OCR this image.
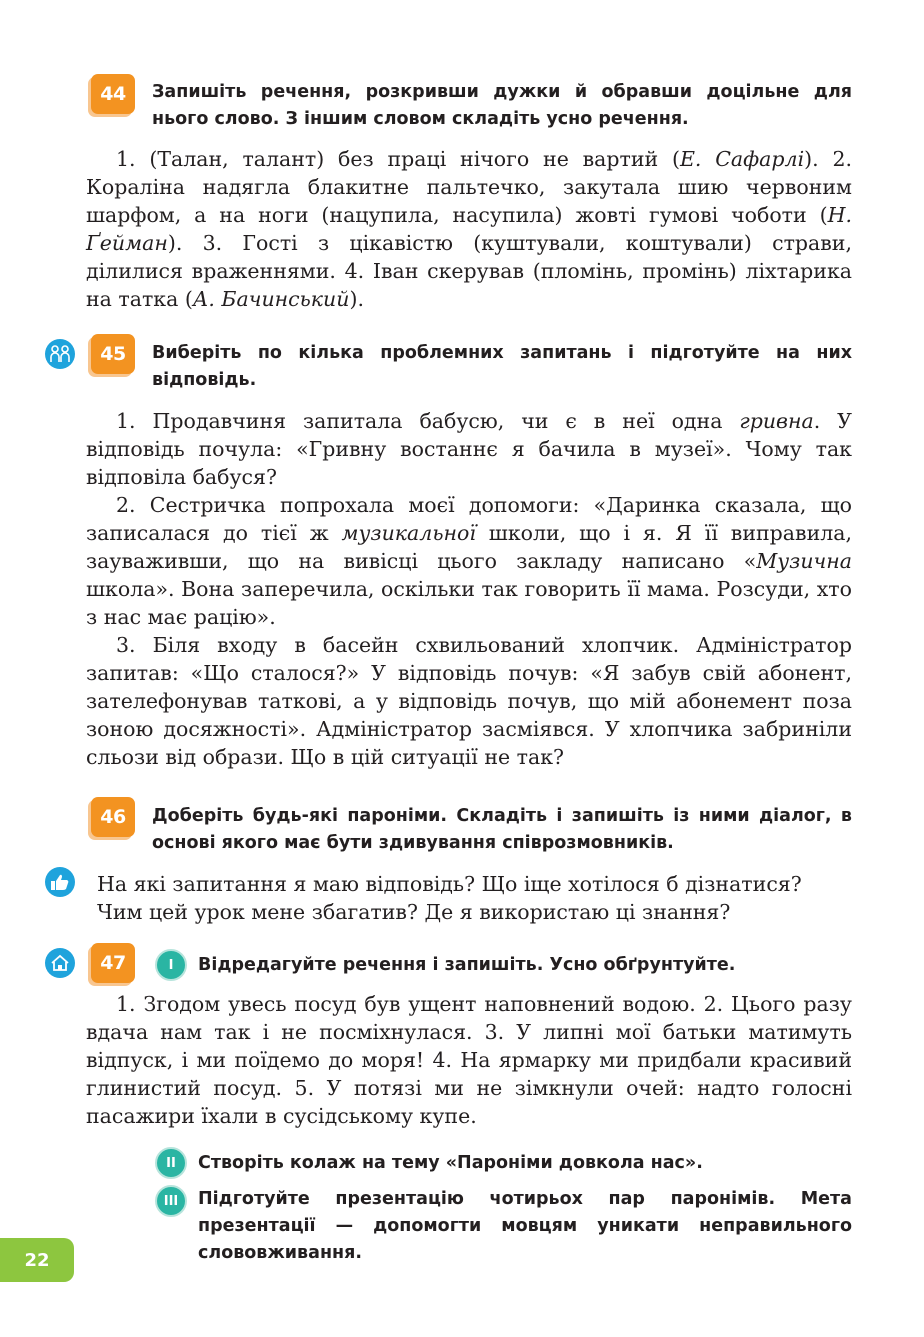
44	Запишіть речення, розкривши дужки й обравши доцільне для нього слово. З іншим словом складіть усно речення.

1. (Талан, талант) без праці нічого не вартий (Е. Сафарлі). 2. Кораліна надягла блакитне пальтечко, закутала шию червоним шарфом, а на ноги (нацупила, насупила) жовті гумові чоботи (Н. Ґейман). 3. Гості з цікавістю (куштували, коштували) страви, ділилися враженнями. 4. Іван скерував (пломінь, промінь) ліхтарика на татка (А. Бачинський).

45	Виберіть по кілька проблемних запитань і підготуйте на них відповідь.

1. Продавчиня запитала бабусю, чи є в неї одна гривна. У відповідь почула: «Гривну востаннє я бачила в музеї». Чому так відповіла бабуся?

2. Сестричка попрохала моєї допомоги: «Даринка сказала, що записалася до тієї ж музикальної школи, що і я. Я її виправила, зауваживши, що на вивісці цього закладу написано «Музична школа». Вона заперечила, оскільки так говорить її мама. Розсуди, хто з нас має рацію».

3. Біля входу в басейн схвильований хлопчик. Адміністратор запитав: «Що сталося?» У відповідь почув: «Я забув свій абонент, зателефонував таткові, а у відповідь почув, що мій абонемент поза зоною досяжності». Адміністратор засміявся. У хлопчика забриніли сльози від образи. Що в цій ситуації не так?

46	Доберіть будь-які пароніми. Складіть і запишіть із ними діалог, в основі якого має бути здивування співрозмовників.

На які запитання я маю відповідь? Що іще хотілося б дізнатися? Чим цей урок мене збагатив? Де я використаю ці знання?

47	I	Відредагуйте речення і запишіть. Усно обґрунтуйте.

1. Згодом увесь посуд був ущент наповнений водою. 2. Цього разу вдача нам так і не посміхнулася. 3. У липні мої батьки матимуть відпуск, і ми поїдемо до моря! 4. На ярмарку ми придбали красивий глинистий посуд. 5. У потязі ми не зімкнули очей: надто голосні пасажири їхали в сусідському купе.

II	Створіть колаж на тему «Пароніми довкола нас».

III	Підготуйте презентацію чотирьох пар паронімів. Мета презентації — допомогти мовцям уникати неправильного слововживання.

22
